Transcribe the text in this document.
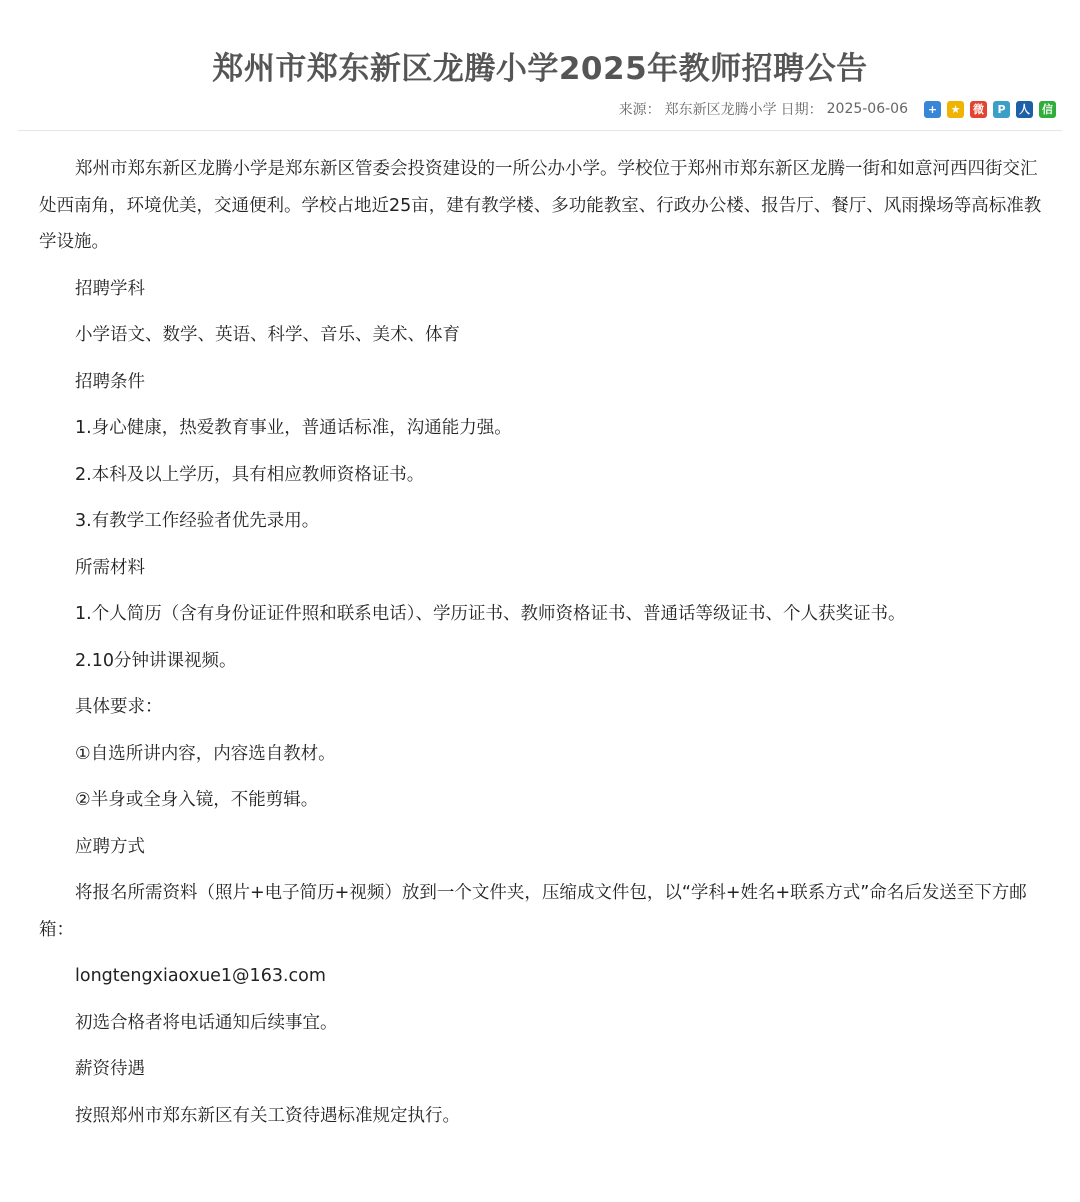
郑州市郑东新区龙腾小学2025年教师招聘公告
来源： 郑东新区龙腾小学 日期： 2025-06-06	+	★	微	P	人 信

郑州市郑东新区龙腾小学是郑东新区管委会投资建设的一所公办小学。学校位于郑州市郑东新区龙腾一街和如意河西四街交汇处西南角，环境优美，交通便利。学校占地近25亩，建有教学楼、多功能教室、行政办公楼、报告厅、餐厅、风雨操场等高标准教学设施。

招聘学科

小学语文、数学、英语、科学、音乐、美术、体育

招聘条件

1.身心健康，热爱教育事业，普通话标准，沟通能力强。

2.本科及以上学历，具有相应教师资格证书。

3.有教学工作经验者优先录用。

所需材料

1.个人简历（含有身份证证件照和联系电话）、学历证书、教师资格证书、普通话等级证书、个人获奖证书。

2.10分钟讲课视频。

具体要求：

①自选所讲内容，内容选自教材。

②半身或全身入镜，不能剪辑。

应聘方式

将报名所需资料（照片+电子简历+视频）放到一个文件夹，压缩成文件包，以“学科+姓名+联系方式”命名后发送至下方邮箱：

longtengxiaoxue1@163.com

初选合格者将电话通知后续事宜。

薪资待遇

按照郑州市郑东新区有关工资待遇标准规定执行。
